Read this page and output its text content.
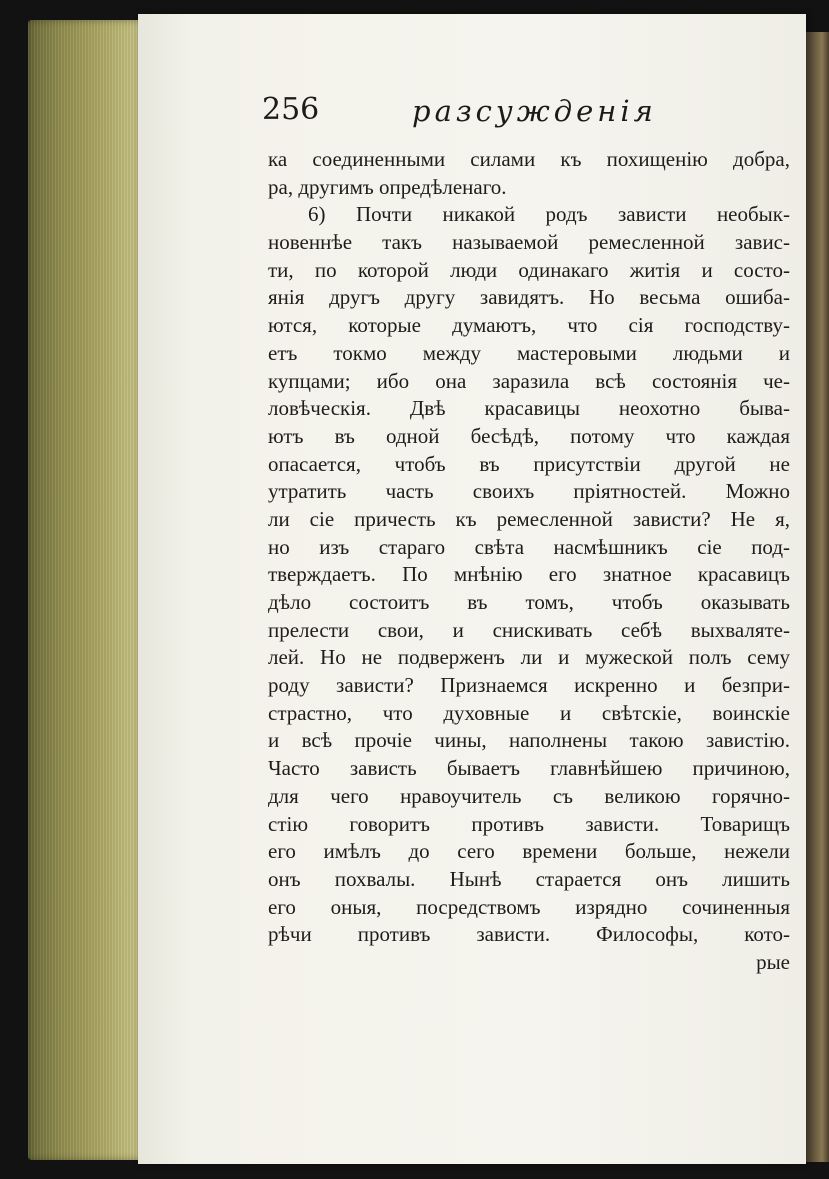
256	разсужденія
ка соединенными силами къ похищенію добра,
ра, другимъ опредѣленаго.
6) Почти никакой родъ зависти необык-
новеннѣе такъ называемой ремесленной завис-
ти, по которой люди одинакаго житія и состо-
янія другъ другу завидятъ. Но весьма ошиба-
ются, которые думаютъ, что сія господству-
етъ токмо между мастеровыми людьми и
купцами; ибо она заразила всѣ состоянія че-
ловѣческія. Двѣ красавицы неохотно быва-
ютъ въ одной бесѣдѣ, потому что каждая
опасается, чтобъ въ присутствіи другой не
утратить часть своихъ пріятностей. Можно
ли сіе причесть къ ремесленной зависти? Не я,
но изъ стараго свѣта насмѣшникъ сіе под-
тверждаетъ. По мнѣнію его знатное красавицъ
дѣло состоитъ въ томъ, чтобъ оказывать
прелести свои, и снискивать себѣ выхваляте-
лей. Но не подверженъ ли и мужеской полъ сему
роду зависти? Признаемся искренно и безпри-
страстно, что духовные и свѣтскіе, воинскіе
и всѣ прочіе чины, наполнены такою завистію.
Часто зависть бываетъ главнѣйшею причиною,
для чего нравоучитель съ великою горячно-
стію говоритъ противъ зависти. Товарищъ
его имѣлъ до сего времени больше, нежели
онъ похвалы. Нынѣ старается онъ лишить
его оныя, посредствомъ изрядно сочиненныя
рѣчи противъ зависти. Философы, кото-
рые
